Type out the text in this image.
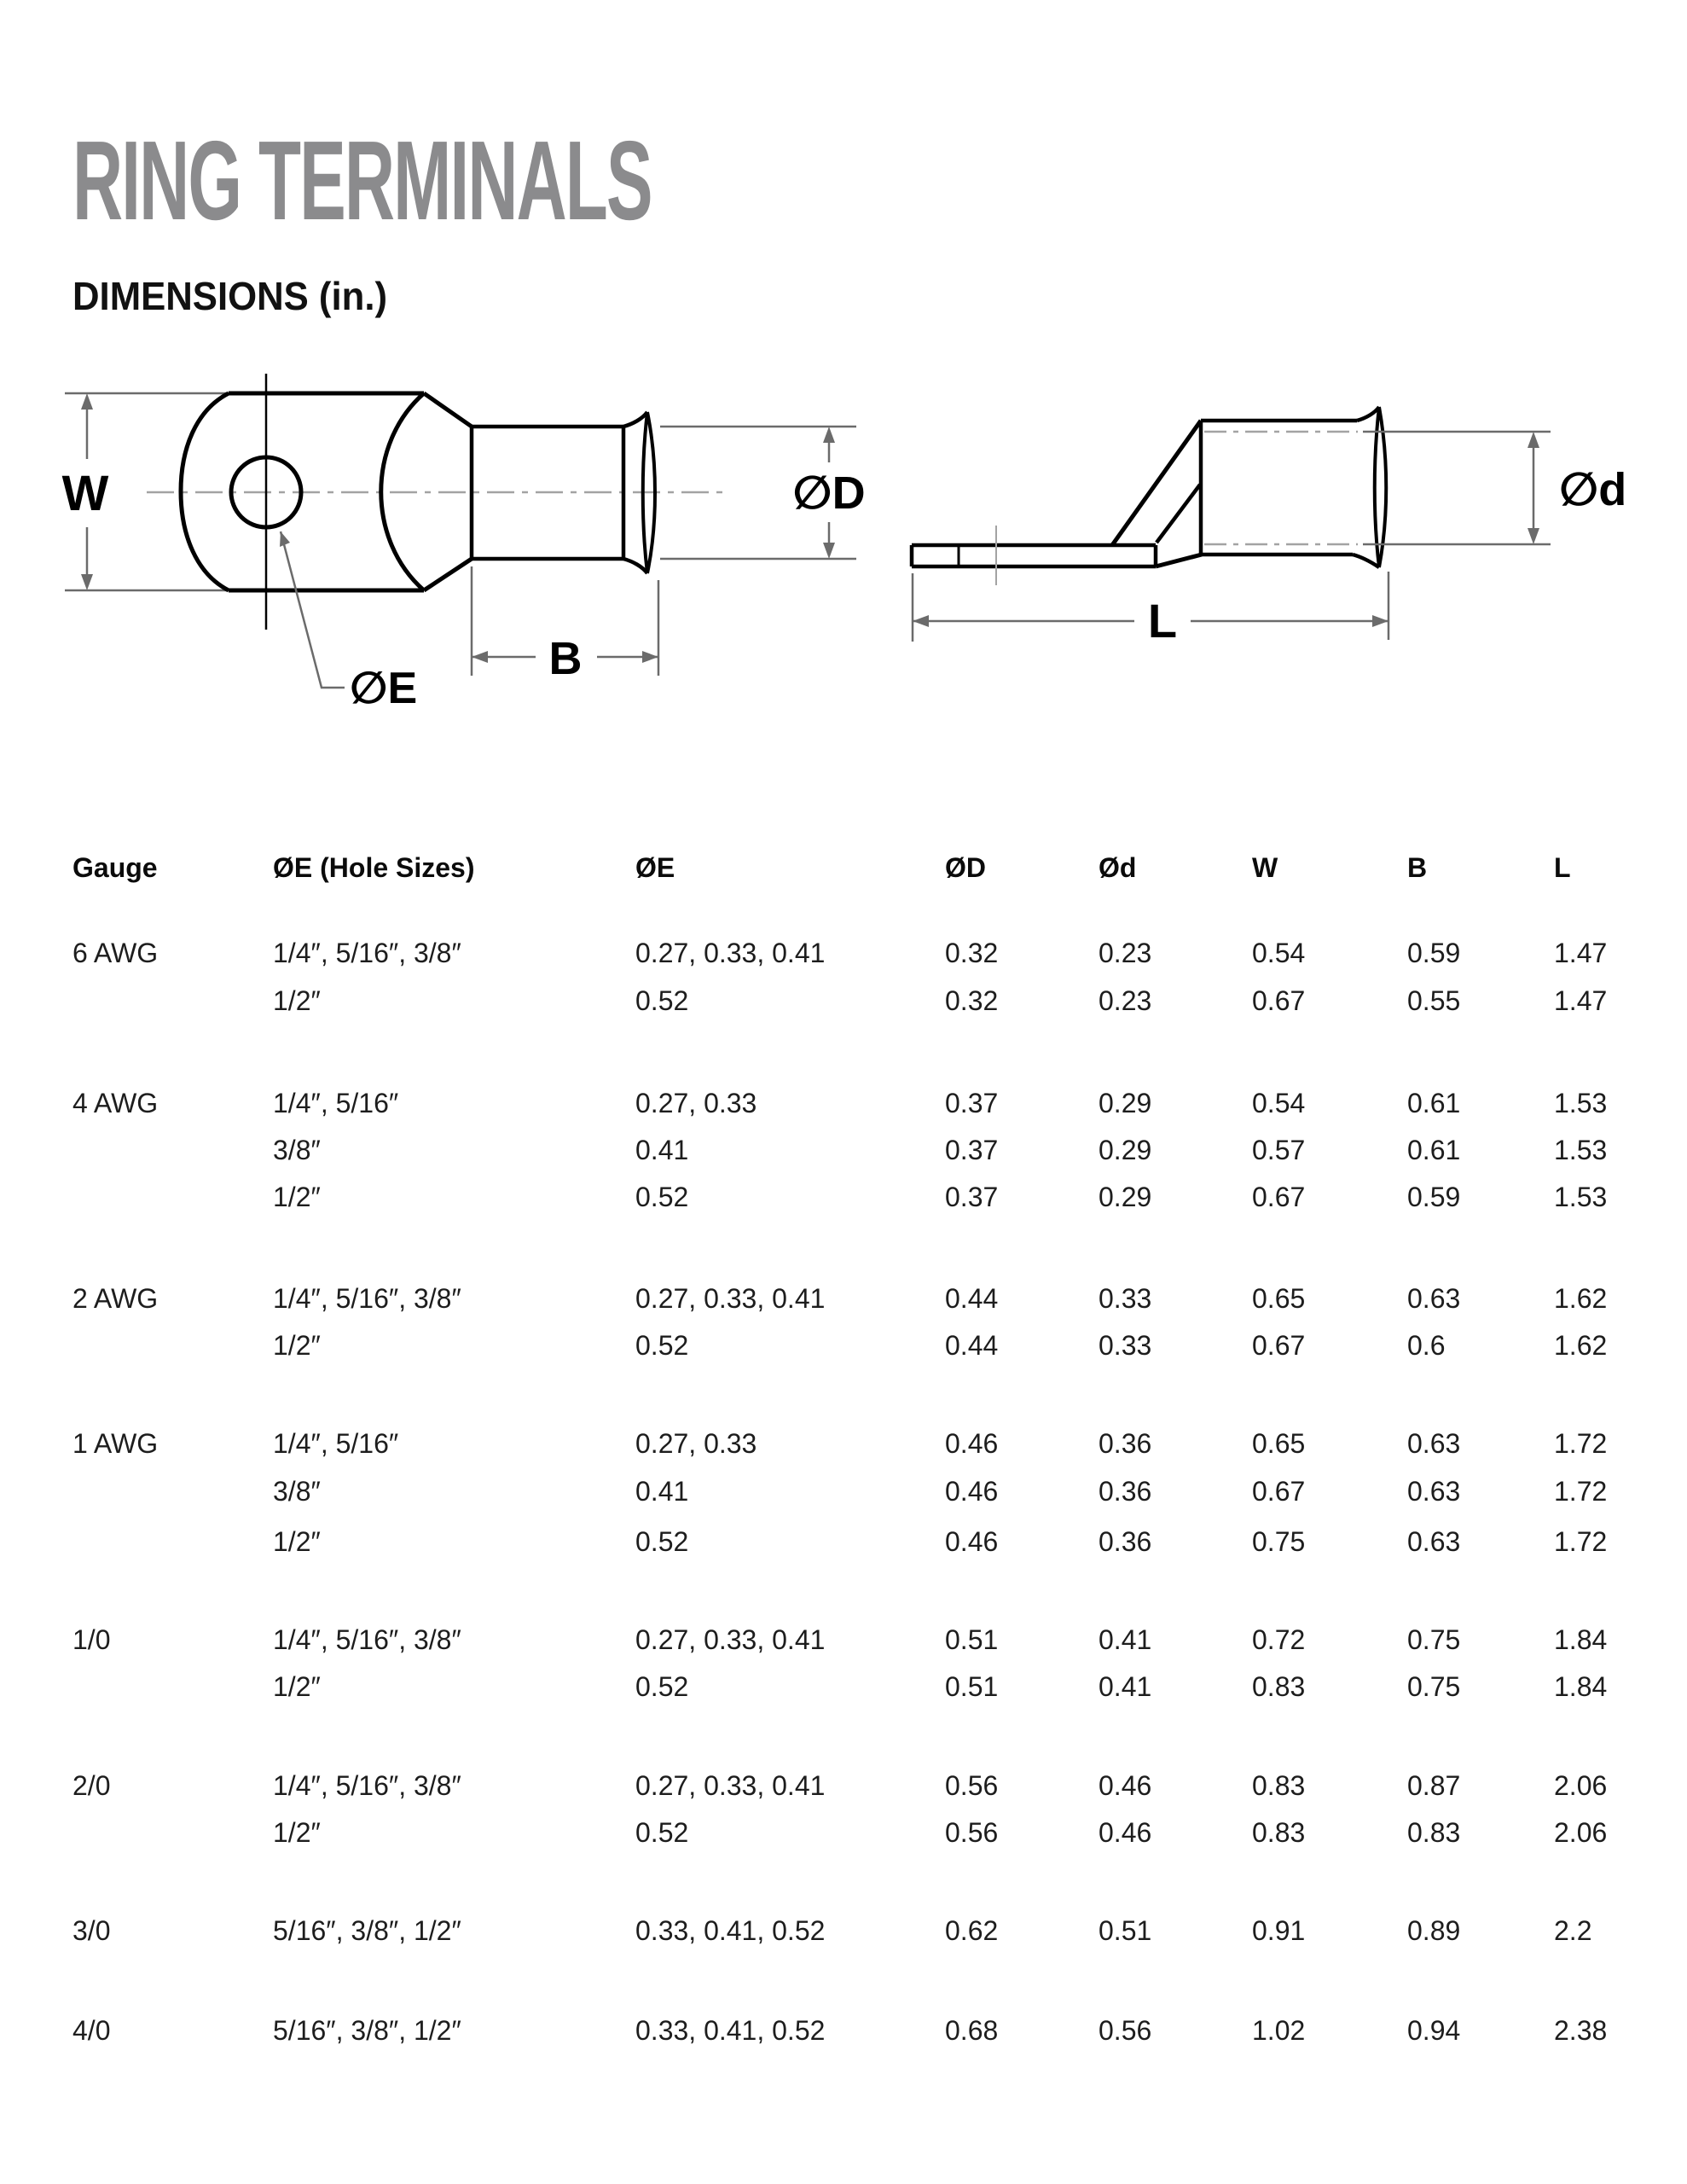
RING TERMINALS
DIMENSIONS (in.)
W	∅D
B
∅E
∅d
L
Gauge	ØE (Hole Sizes)	ØE	ØD	Ød	W	B	L
6 AWG	1/4″, 5/16″, 3/8″	0.27, 0.33, 0.41	0.32	0.23	0.54	0.59	1.47
1/2″	0.52	0.32	0.23	0.67	0.55	1.47
4 AWG	1/4″, 5/16″	0.27, 0.33	0.37	0.29	0.54	0.61	1.53
3/8″	0.41	0.37	0.29	0.57	0.61	1.53
1/2″	0.52	0.37	0.29	0.67	0.59	1.53
2 AWG	1/4″, 5/16″, 3/8″	0.27, 0.33, 0.41	0.44	0.33	0.65	0.63	1.62
1/2″	0.52	0.44	0.33	0.67	0.6	1.62
1 AWG	1/4″, 5/16″	0.27, 0.33	0.46	0.36	0.65	0.63	1.72
3/8″	0.41	0.46	0.36	0.67	0.63	1.72
1/2″	0.52	0.46	0.36	0.75	0.63	1.72
1/0	1/4″, 5/16″, 3/8″	0.27, 0.33, 0.41	0.51	0.41	0.72	0.75	1.84
1/2″	0.52	0.51	0.41	0.83	0.75	1.84
2/0	1/4″, 5/16″, 3/8″	0.27, 0.33, 0.41	0.56	0.46	0.83	0.87	2.06
1/2″	0.52	0.56	0.46	0.83	0.83	2.06
3/0	5/16″, 3/8″, 1/2″	0.33, 0.41, 0.52	0.62	0.51	0.91	0.89	2.2
4/0	5/16″, 3/8″, 1/2″	0.33, 0.41, 0.52	0.68	0.56	1.02	0.94	2.38
